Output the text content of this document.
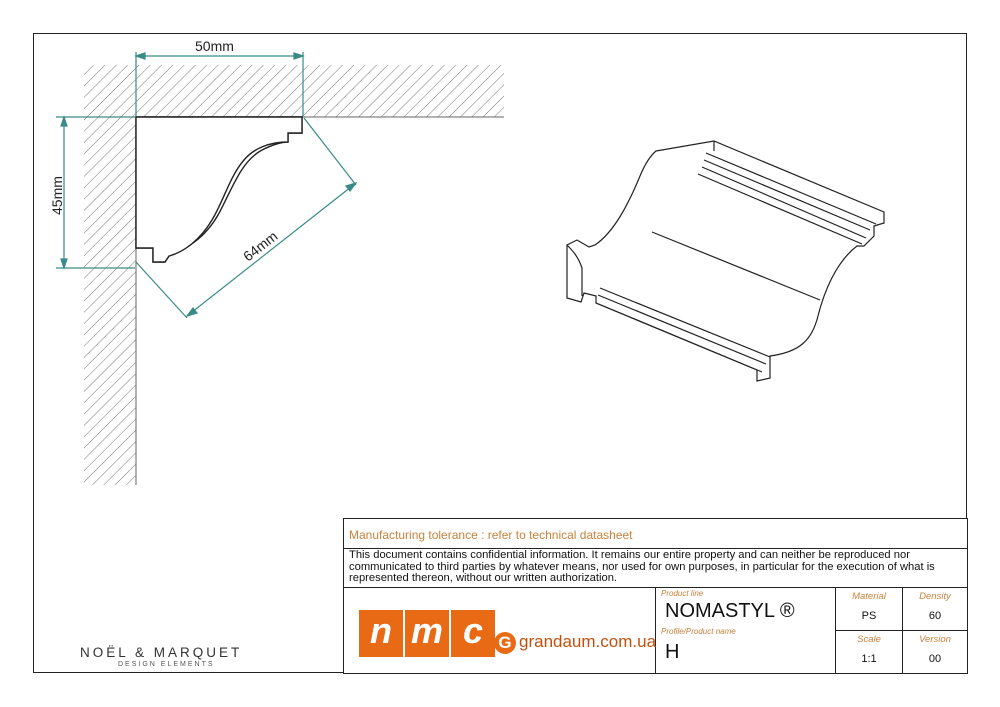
50mm
45mm
64mm
Manufacturing tolerance : refer to technical datasheet
This document contains confidential information. It remains our entire property and can neither be reproduced nor communicated to third parties by whatever means, nor used for own purposes, in particular for the execution of what is represented thereon, without our written authorization.
n m c G grandaum.com.ua
Product line
NOMASTYL ®
Profile/Product name
H
Material
PS
Density
60
Scale
1:1
Version
00
NOËL & MARQUET
DESIGN ELEMENTS
